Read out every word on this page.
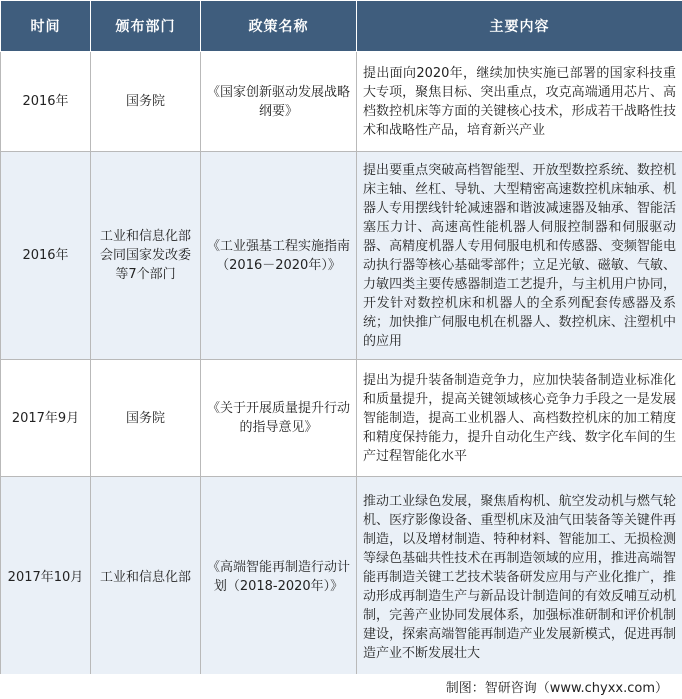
时间	颁布部门	政策名称	主要内容
2016年	国务院	《国家创新驱动发展战略纲要》	提出面向2020年，继续加快实施已部署的国家科技重大专项，聚焦目标、突出重点，攻克高端通用芯片、高档数控机床等方面的关键核心技术，形成若干战略性技术和战略性产品，培育新兴产业
2016年	工业和信息化部会同国家发改委等7个部门	《工业强基工程实施指南（2016－2020年）》	提出要重点突破高档智能型、开放型数控系统、数控机床主轴、丝杠、导轨、大型精密高速数控机床轴承、机器人专用摆线针轮减速器和谐波减速器及轴承、智能活塞压力计、高速高性能机器人伺服控制器和伺服驱动器、高精度机器人专用伺服电机和传感器、变频智能电动执行器等核心基础零部件；立足光敏、磁敏、气敏、力敏四类主要传感器制造工艺提升，与主机用户协同，开发针对数控机床和机器人的全系列配套传感器及系统；加快推广伺服电机在机器人、数控机床、注塑机中的应用
2017年9月	国务院	《关于开展质量提升行动的指导意见》	提出为提升装备制造竞争力，应加快装备制造业标准化和质量提升，提高关键领域核心竞争力手段之一是发展智能制造，提高工业机器人、高档数控机床的加工精度和精度保持能力，提升自动化生产线、数字化车间的生产过程智能化水平
2017年10月	工业和信息化部	《高端智能再制造行动计划（2018-2020年）》	推动工业绿色发展，聚焦盾构机、航空发动机与燃气轮机、医疗影像设备、重型机床及油气田装备等关键件再制造，以及增材制造、特种材料、智能加工、无损检测等绿色基础共性技术在再制造领域的应用，推进高端智能再制造关键工艺技术装备研发应用与产业化推广，推动形成再制造生产与新品设计制造间的有效反哺互动机制，完善产业协同发展体系，加强标准研制和评价机制建设，探索高端智能再制造产业发展新模式，促进再制造产业不断发展壮大
制图：智研咨询（www.chyxx.com）
